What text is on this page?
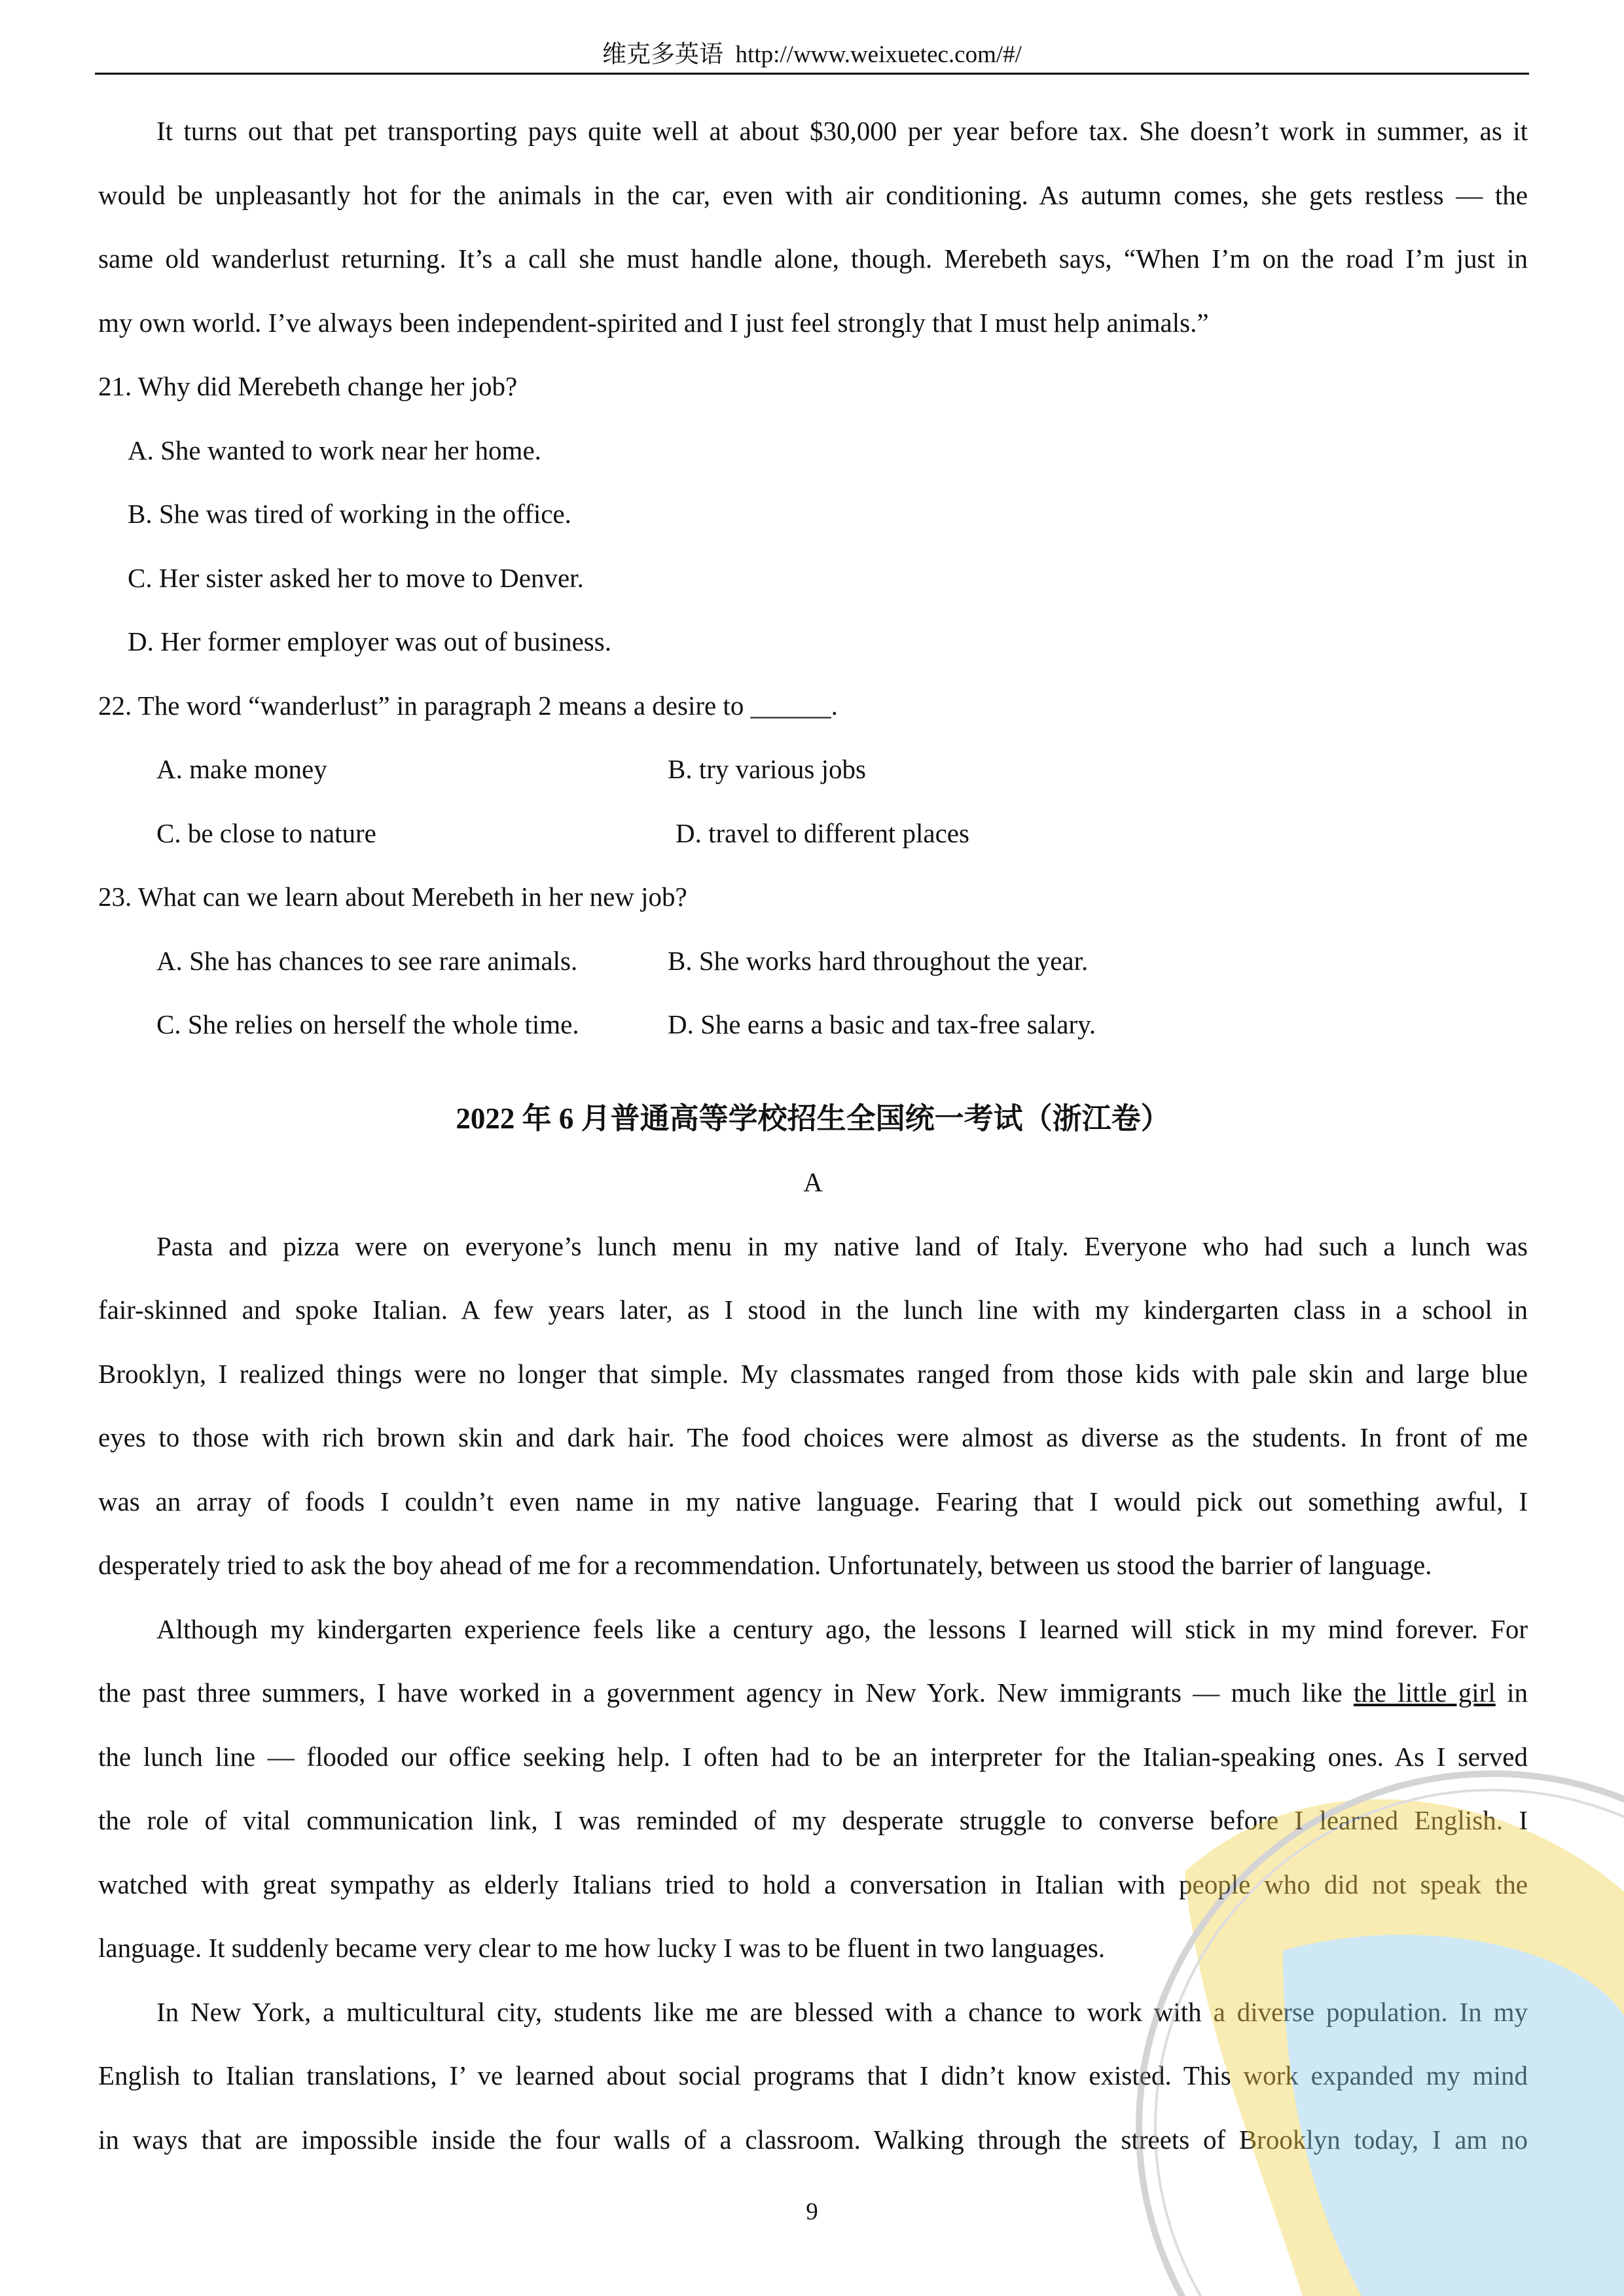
维克多英语 http://www.weixuetec.com/#/

It turns out that pet transporting pays quite well at about $30,000 per year before tax. She doesn’t work in summer, as it

would be unpleasantly hot for the animals in the car, even with air conditioning. As autumn comes, she gets restless — the

same old wanderlust returning. It’s a call she must handle alone, though. Merebeth says, “When I’m on the road I’m just in

my own world. I’ve always been independent-spirited and I just feel strongly that I must help animals.”

21. Why did Merebeth change her job?

A. She wanted to work near her home.

B. She was tired of working in the office.

C. Her sister asked her to move to Denver.

D. Her former employer was out of business.

22. The word “wanderlust” in paragraph 2 means a desire to ______.

A. make money	B. try various jobs
C. be close to nature	D. travel to different places

23. What can we learn about Merebeth in her new job?

A. She has chances to see rare animals.	B. She works hard throughout the year.
C. She relies on herself the whole time.	D. She earns a basic and tax-free salary.

2022 年 6 月普通高等学校招生全国统一考试（浙江卷）

A

Pasta and pizza were on everyone’s lunch menu in my native land of Italy. Everyone who had such a lunch was

fair-skinned and spoke Italian. A few years later, as I stood in the lunch line with my kindergarten class in a school in

Brooklyn, I realized things were no longer that simple. My classmates ranged from those kids with pale skin and large blue

eyes to those with rich brown skin and dark hair. The food choices were almost as diverse as the students. In front of me

was an array of foods I couldn’t even name in my native language. Fearing that I would pick out something awful, I

desperately tried to ask the boy ahead of me for a recommendation. Unfortunately, between us stood the barrier of language.

Although my kindergarten experience feels like a century ago, the lessons I learned will stick in my mind forever. For

the past three summers, I have worked in a government agency in New York. New immigrants — much like the little girl in

the lunch line — flooded our office seeking help. I often had to be an interpreter for the Italian-speaking ones. As I served

the role of vital communication link, I was reminded of my desperate struggle to converse before I learned English. I

watched with great sympathy as elderly Italians tried to hold a conversation in Italian with people who did not speak the

language. It suddenly became very clear to me how lucky I was to be fluent in two languages.

In New York, a multicultural city, students like me are blessed with a chance to work with a diverse population. In my

English to Italian translations, I’ ve learned about social programs that I didn’t know existed. This work expanded my mind

in ways that are impossible inside the four walls of a classroom. Walking through the streets of Brooklyn today, I am no

9
